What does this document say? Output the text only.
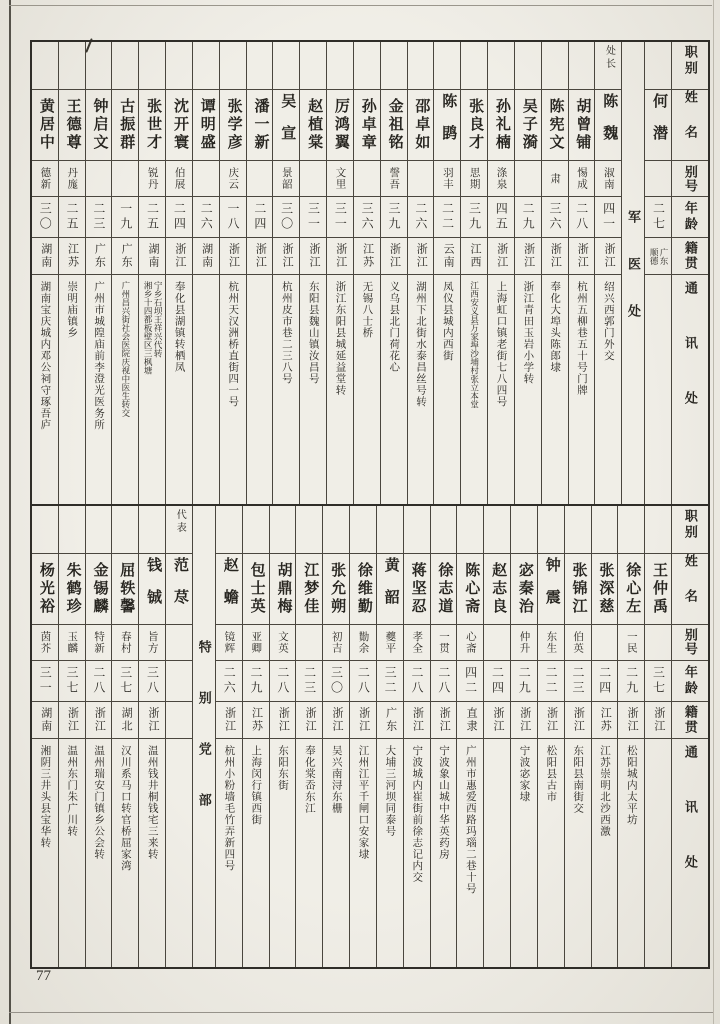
职别
姓名
别号
年龄
籍贯
通讯处
何潜
二七
广东
顺德
军医处
处长
陈魏
淑南
四一
浙江
绍兴西郭门外交
胡曾铺
惕成
二八
浙江
杭州五柳巷五十号门牌
陈宪文
肃
三六
浙江
奉化大埠头陈郎埭
吴子漪
二九
浙江
浙江青田玉岩小学转
孙礼楠
涤泉
四五
浙江
上海虹口镇老街七八四号
张良才
思期
三九
江西
江西安义县万家埠沙埔村张立本堂
陈鹍
羽丰
二二
云南
凤仪县城内西街
邵卓如
二六
浙江
湖州下北街水泰昌丝号转
金祖铭
謦吾
三九
浙江
义乌县北门荷花心
孙卓章
三六
江苏
无锡八士桥
厉鸿翼
文里
三一
浙江
浙江东阳县城延益堂转
赵植棠
三一
浙江
东阳县魏山镇汝昌号
吴宣
景韶
三〇
浙江
杭州皮市巷二三八号
潘一新
二四
浙江
张学彦
庆云
一八
浙江
杭州天汉洲桥直街四一号
谭明盛
二六
湖南
沈开寰
伯展
二四
浙江
奉化县湖镇转栖凤
张世才
锐丹
二五
湖南
宁乡石坝王祥兴代转
湘乡十四都板壁区三枫塘
古振群
一九
广东
广州昌兴街社会医院庆视中医生转交
钟启文
二三
广东
广州市城隍庙前李澄光医务所
王德尊
丹庬
二五
江苏
崇明庙镇乡
黄居中
德新
三〇
湖南
湖南宝庆城内邓公祠守琢吾庐
职别
姓名
别号
年龄
籍贯
通讯处
王仲禹
三七
浙江
徐心左
一民
二九
浙江
松阳城内太平坊
张深慈
二四
江苏
江苏崇明北沙西激
张锦江
伯英
二三
浙江
东阳县南街交
钟震
东生
二二
浙江
松阳县古市
宓秦治
仲升
二九
浙江
宁波宓家埭
赵志良
二四
浙江
陈心斋
心斋
四二
直隶
广州市惠爱西路玛瑙二巷十号
徐志道
一贯
二八
浙江
宁波象山城中华英药房
蒋坚忍
孝全
二八
浙江
宁波城内崔街前徐志记内交
黄韶
夔平
三二
广东
大埔三河坝同泰号
徐维勤
勚余
二八
浙江
江州江平千闸口安家埭
张允朔
初吉
三〇
浙江
吴兴南浔东栅
江梦佳
二三
浙江
奉化棠岙东江
胡鼎梅
文英
二八
浙江
东阳东街
包士英
亚卿
二九
江苏
上海闵行镇西街
赵蟾
镜辉
二六
浙江
杭州小粉墙毛竹弄新四号
特别党部
代表
范荩
钱铖
旨方
三八
浙江
温州钱井桐钱宅三来转
屈轶馨
春村
三七
湖北
汉川系马口转官桥屈家湾
金锡麟
特新
二八
浙江
温州瑞安门镇乡公会转
朱鹤珍
玉麟
三七
浙江
温州东门朱广川转
杨光裕
茵芥
三一
湖南
湘阴三井头县宝华转
77
